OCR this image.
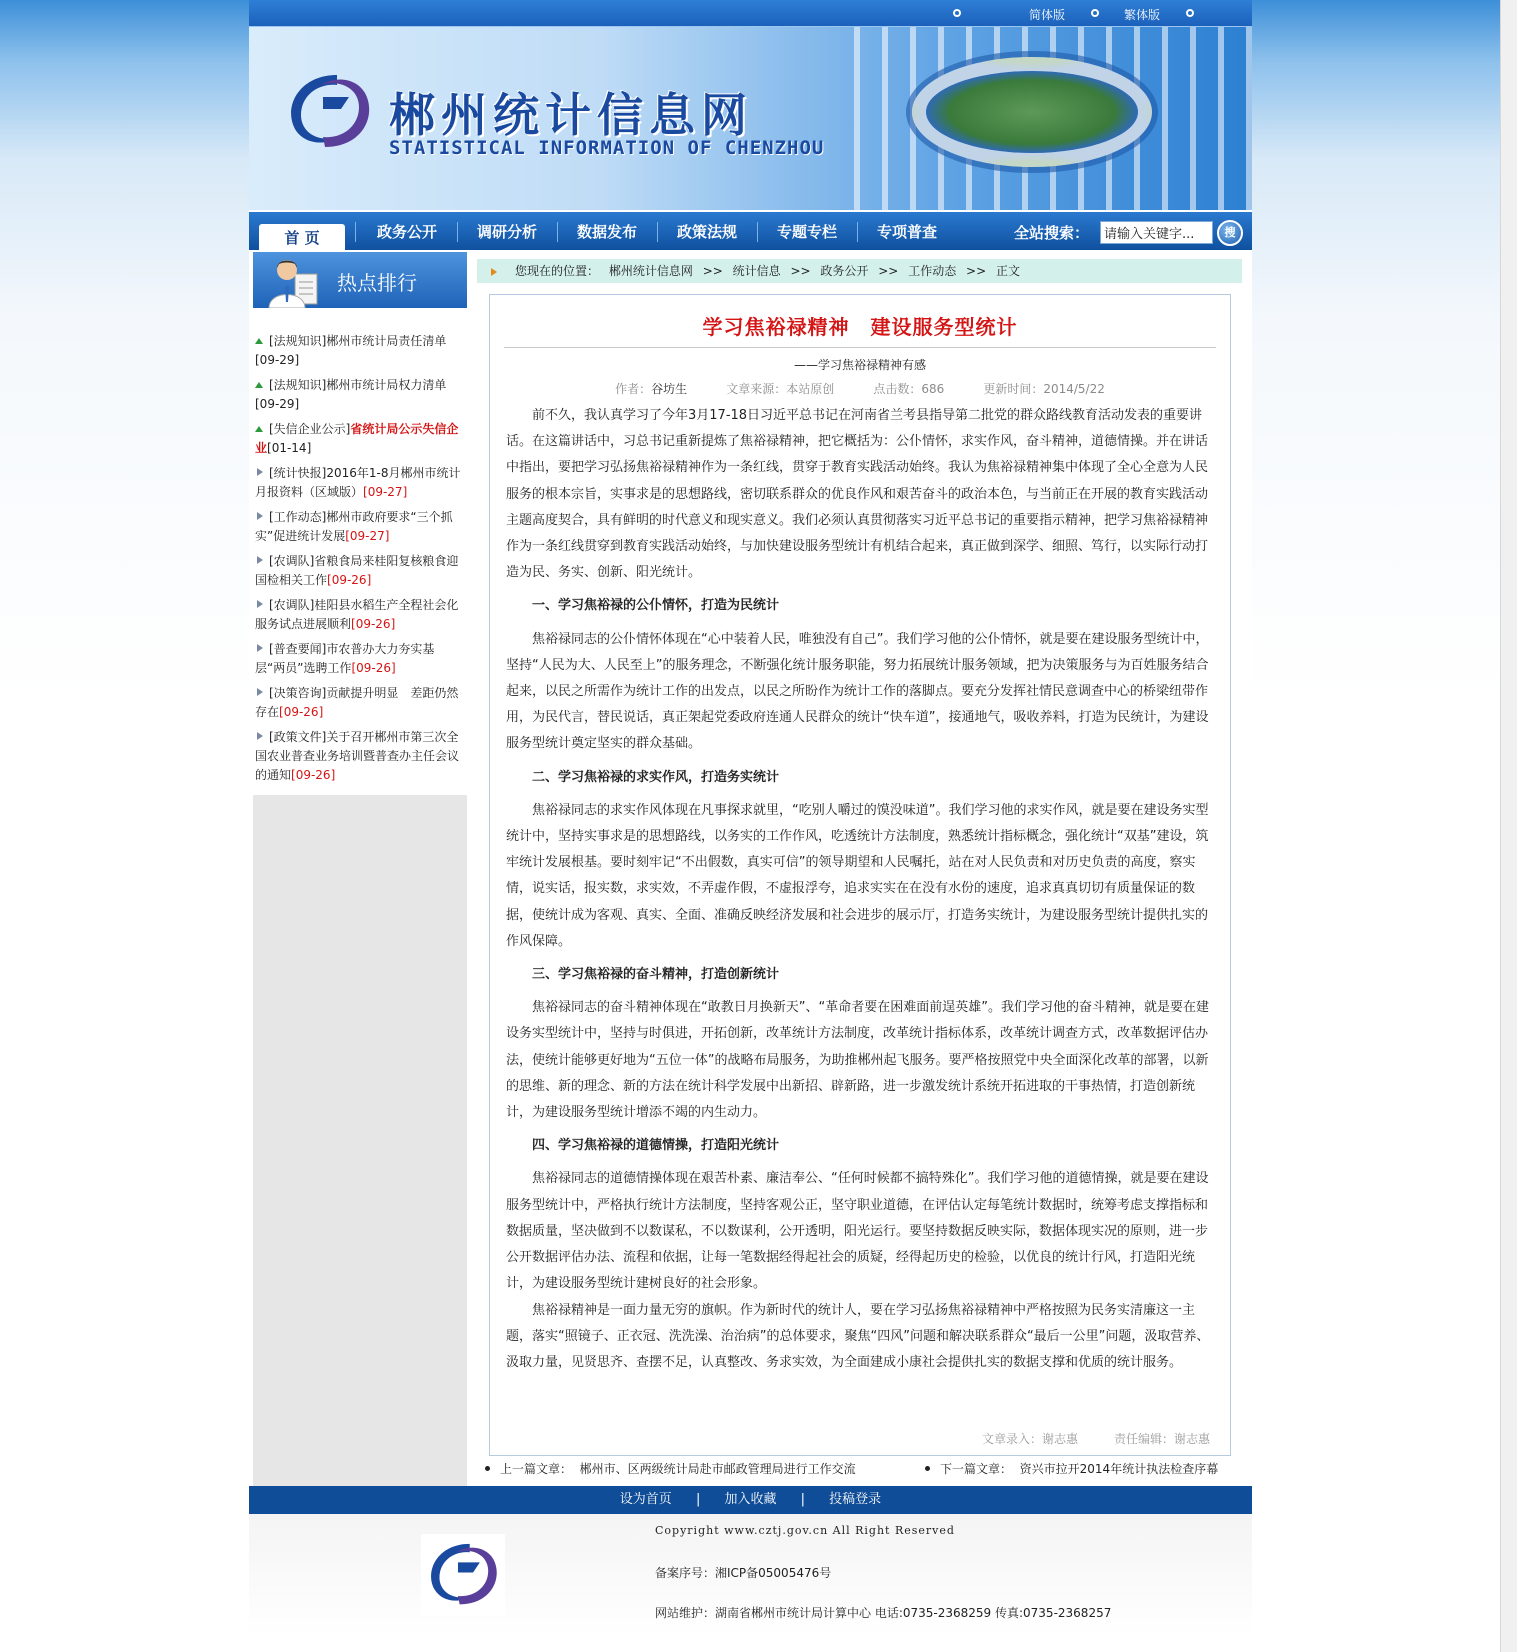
简体版	繁体版
郴州统计信息网
STATISTICAL INFORMATION OF CHENZHOU
首 页	政务公开	调研分析	数据发布	政策法规	专题专栏	专项普查	全站搜索：
请输入关键字...	搜
热点排行
[法规知识]郴州市统计局责任清单[09-29]
[法规知识]郴州市统计局权力清单[09-29]
[失信企业公示]省统计局公示失信企业[01-14]
[统计快报]2016年1-8月郴州市统计月报资料（区域版）[09-27]
[工作动态]郴州市政府要求“三个抓实”促进统计发展[09-27]
[农调队]省粮食局来桂阳复核粮食迎国检相关工作[09-26]
[农调队]桂阳县水稻生产全程社会化服务试点进展顺利[09-26]
[普查要闻]市农普办大力夯实基层“两员”选聘工作[09-26]
[决策咨询]贡献提升明显　差距仍然存在[09-26]
[政策文件]关于召开郴州市第三次全国农业普查业务培训暨普查办主任会议的通知[09-26]
您现在的位置： 郴州统计信息网 >> 统计信息 >> 政务公开 >> 工作动态 >> 正文
学习焦裕禄精神　建设服务型统计
——学习焦裕禄精神有感
作者：谷坊生	文章来源：本站原创	点击数：686	更新时间：2014/5/22

前不久，我认真学习了今年3月17-18日习近平总书记在河南省兰考县指导第二批党的群众路线教育活动发表的重要讲话。在这篇讲话中，习总书记重新提炼了焦裕禄精神，把它概括为：公仆情怀，求实作风，奋斗精神，道德情操。并在讲话中指出，要把学习弘扬焦裕禄精神作为一条红线，贯穿于教育实践活动始终。我认为焦裕禄精神集中体现了全心全意为人民服务的根本宗旨，实事求是的思想路线，密切联系群众的优良作风和艰苦奋斗的政治本色，与当前正在开展的教育实践活动主题高度契合，具有鲜明的时代意义和现实意义。我们必须认真贯彻落实习近平总书记的重要指示精神，把学习焦裕禄精神作为一条红线贯穿到教育实践活动始终，与加快建设服务型统计有机结合起来，真正做到深学、细照、笃行，以实际行动打造为民、务实、创新、阳光统计。

一、学习焦裕禄的公仆情怀，打造为民统计

焦裕禄同志的公仆情怀体现在“心中装着人民，唯独没有自己”。我们学习他的公仆情怀，就是要在建设服务型统计中，坚持“人民为大、人民至上”的服务理念，不断强化统计服务职能，努力拓展统计服务领域，把为决策服务与为百姓服务结合起来，以民之所需作为统计工作的出发点，以民之所盼作为统计工作的落脚点。要充分发挥社情民意调查中心的桥梁纽带作用，为民代言，替民说话，真正架起党委政府连通人民群众的统计“快车道”，接通地气，吸收养料，打造为民统计，为建设服务型统计奠定坚实的群众基础。

二、学习焦裕禄的求实作风，打造务实统计

焦裕禄同志的求实作风体现在凡事探求就里，“吃别人嚼过的馍没味道”。我们学习他的求实作风，就是要在建设务实型统计中，坚持实事求是的思想路线，以务实的工作作风，吃透统计方法制度，熟悉统计指标概念，强化统计“双基”建设，筑牢统计发展根基。要时刻牢记“不出假数，真实可信”的领导期望和人民嘱托，站在对人民负责和对历史负责的高度，察实情，说实话，报实数，求实效，不弄虚作假，不虚报浮夸，追求实实在在没有水份的速度，追求真真切切有质量保证的数据，使统计成为客观、真实、全面、准确反映经济发展和社会进步的展示厅，打造务实统计，为建设服务型统计提供扎实的作风保障。

三、学习焦裕禄的奋斗精神，打造创新统计

焦裕禄同志的奋斗精神体现在“敢教日月换新天”、“革命者要在困难面前逞英雄”。我们学习他的奋斗精神，就是要在建设务实型统计中，坚持与时俱进，开拓创新，改革统计方法制度，改革统计指标体系，改革统计调查方式，改革数据评估办法，使统计能够更好地为“五位一体”的战略布局服务，为助推郴州起飞服务。要严格按照党中央全面深化改革的部署，以新的思维、新的理念、新的方法在统计科学发展中出新招、辟新路，进一步激发统计系统开拓进取的干事热情，打造创新统计，为建设服务型统计增添不竭的内生动力。

四、学习焦裕禄的道德情操，打造阳光统计

焦裕禄同志的道德情操体现在艰苦朴素、廉洁奉公、“任何时候都不搞特殊化”。我们学习他的道德情操，就是要在建设服务型统计中，严格执行统计方法制度，坚持客观公正，坚守职业道德，在评估认定每笔统计数据时，统筹考虑支撑指标和数据质量，坚决做到不以数谋私，不以数谋利，公开透明，阳光运行。要坚持数据反映实际，数据体现实况的原则，进一步公开数据评估办法、流程和依据，让每一笔数据经得起社会的质疑，经得起历史的检验，以优良的统计行风，打造阳光统计，为建设服务型统计建树良好的社会形象。

焦裕禄精神是一面力量无穷的旗帜。作为新时代的统计人，要在学习弘扬焦裕禄精神中严格按照为民务实清廉这一主题，落实“照镜子、正衣冠、洗洗澡、治治病”的总体要求，聚焦“四风”问题和解决联系群众“最后一公里”问题，汲取营养、汲取力量，见贤思齐、查摆不足，认真整改、务求实效，为全面建成小康社会提供扎实的数据支撑和优质的统计服务。

文章录入：谢志惠　　　责任编辑：谢志惠
上一篇文章： 郴州市、区两级统计局赴市邮政管理局进行工作交流	下一篇文章： 资兴市拉开2014年统计执法检查序幕
设为首页 | 加入收藏 | 投稿登录
Copyright www.cztj.gov.cn All Right Reserved
备案序号：湘ICP备05005476号
网站维护：湖南省郴州市统计局计算中心 电话:0735-2368259 传真:0735-2368257
